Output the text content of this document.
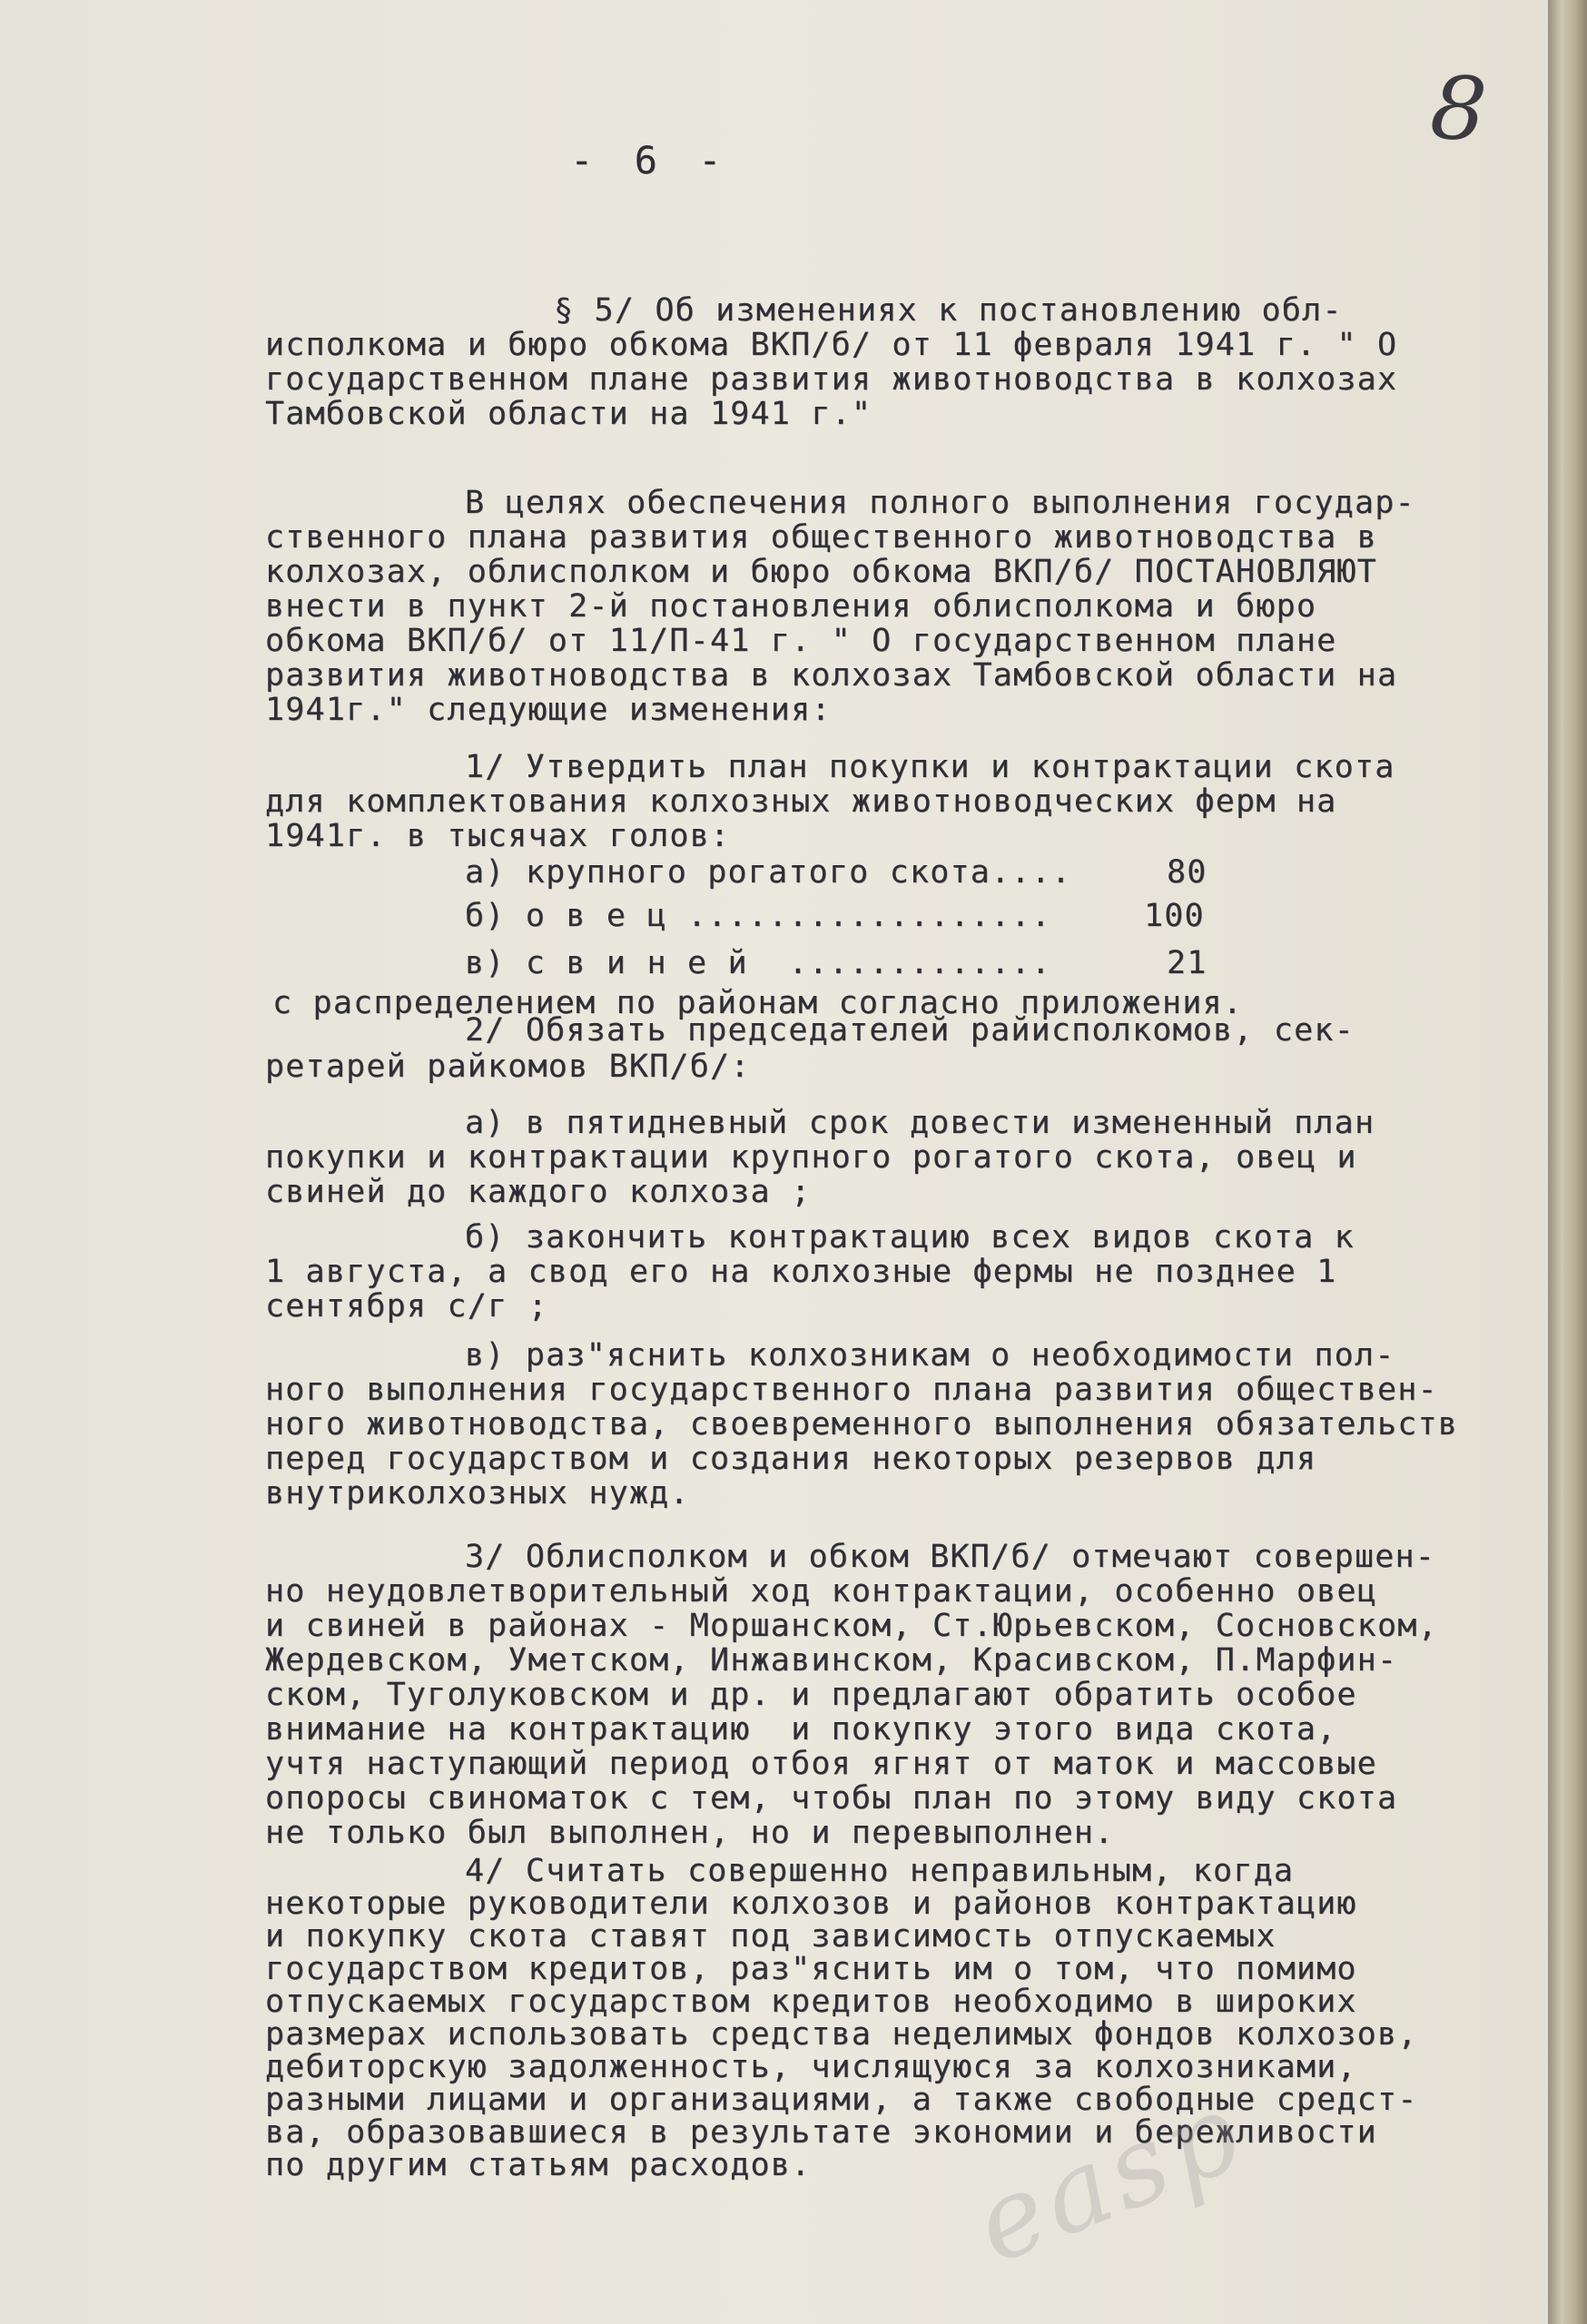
8
- 6 -
§ 5/ Об изменениях к постановлению обл-
исполкома и бюро обкома ВКП/б/ от 11 февраля 1941 г. " О
государственном плане развития животноводства в колхозах
Тамбовской области на 1941 г."
В целях обеспечения полного выполнения государ-
ственного плана развития общественного животноводства в
колхозах, облисполком и бюро обкома ВКП/б/ ПОСТАНОВЛЯЮТ
внести в пункт 2-й постановления облисполкома и бюро
обкома ВКП/б/ от 11/П-41 г. " О государственном плане
развития животноводства в колхозах Тамбовской области на
1941г." следующие изменения:
1/ Утвердить план покупки и контрактации скота
для комплектования колхозных животноводческих ферм на
1941г. в тысячах голов:
а) крупного рогатого скота....	80
б) о в е ц ..................	100
в) с в и н е й  .............	21
с распределением по районам согласно приложения.
2/ Обязать председателей райисполкомов, сек-
ретарей райкомов ВКП/б/:
а) в пятидневный срок довести измененный план
покупки и контрактации крупного рогатого скота, овец и
свиней до каждого колхоза ;
б) закончить контрактацию всех видов скота к
1 августа, а свод его на колхозные фермы не позднее 1
сентября с/г ;
в) раз"яснить колхозникам о необходимости пол-
ного выполнения государственного плана развития обществен-
ного животноводства, своевременного выполнения обязательств
перед государством и создания некоторых резервов для
внутриколхозных нужд.
3/ Облисполком и обком ВКП/б/ отмечают совершен-
но неудовлетворительный ход контрактации, особенно овец
и свиней в районах - Моршанском, Ст.Юрьевском, Сосновском,
Жердевском, Уметском, Инжавинском, Красивском, П.Марфин-
ском, Туголуковском и др. и предлагают обратить особое
внимание на контрактацию  и покупку этого вида скота,
учтя наступающий период отбоя ягнят от маток и массовые
опоросы свиноматок с тем, чтобы план по этому виду скота
не только был выполнен, но и перевыполнен.
4/ Считать совершенно неправильным, когда
некоторые руководители колхозов и районов контрактацию
и покупку скота ставят под зависимость отпускаемых
государством кредитов, раз"яснить им о том, что помимо
отпускаемых государством кредитов необходимо в широких
размерах использовать средства неделимых фондов колхозов,
дебиторскую задолженность, числящуюся за колхозниками,
разными лицами и организациями, а также свободные средст-
ва, образовавшиеся в результате экономии и бережливости
по другим статьям расходов. easp
